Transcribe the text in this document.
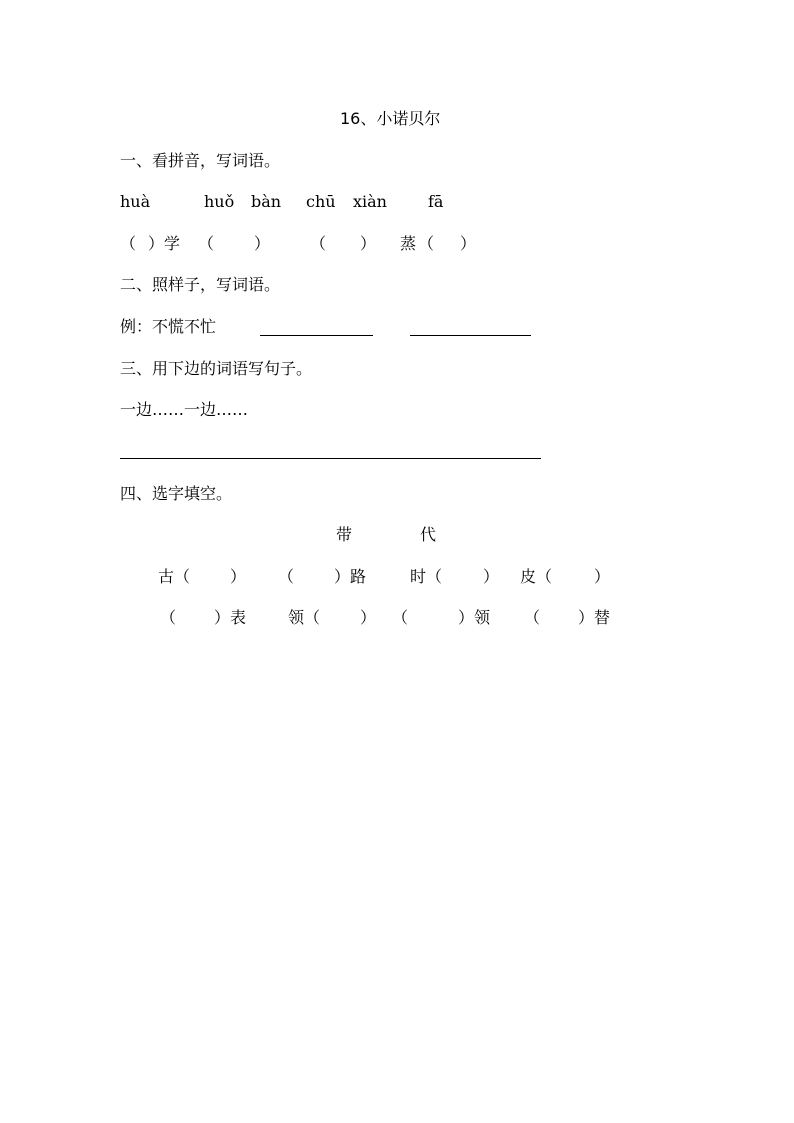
16、小诺贝尔
一、看拼音，写词语。
huà	huǒ bàn chū xiàn	fā
（ ）学 （ ） （ ） 蒸 （ ）
二、照样子，写词语。
例：不慌不忙
三、用下边的词语写句子。
一边……一边……
四、选字填空。
带	代
古（ ） （ ）路	时（	） 皮（	）
（ ）表	领（ ） （	）领 （ ）替
